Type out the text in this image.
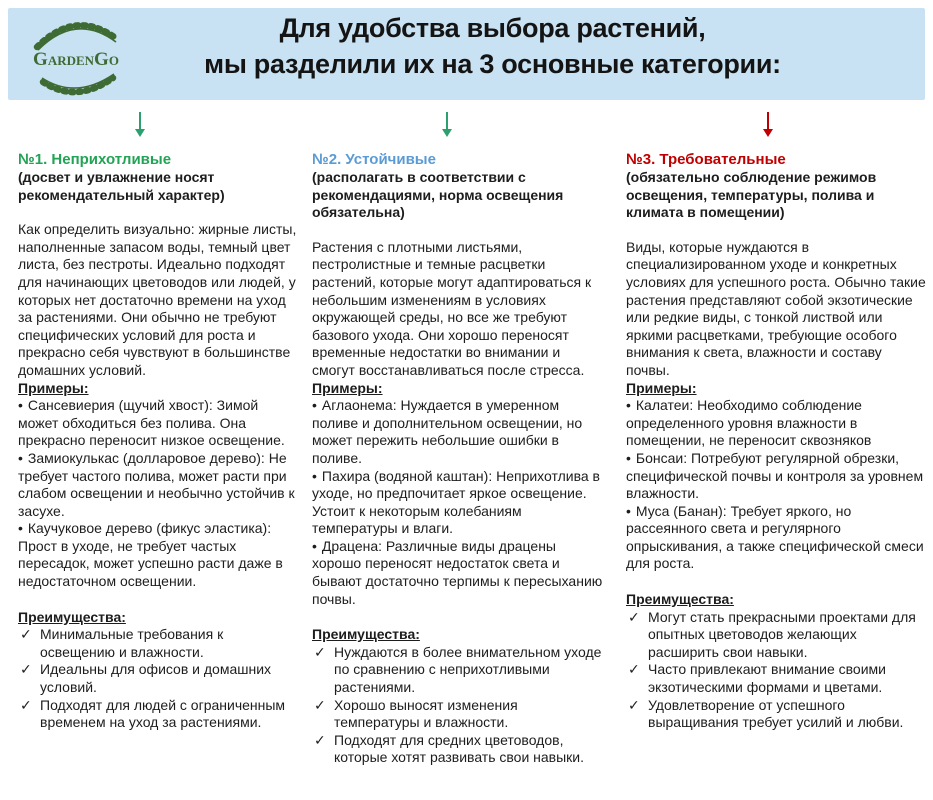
GARDENGO
Для удобства выбора растений,
мы разделили их на 3 основные категории:
№1. Неприхотливые
(досвет и увлажнение носят рекомендательный характер)

Как определить визуально: жирные листы, наполненные запасом воды, темный цвет листа, без пестроты. Идеально подходят для начинающих цветоводов или людей, у которых нет достаточно времени на уход за растениями. Они обычно не требуют специфических условий для роста и прекрасно себя чувствуют в большинстве домашних условий.

Примеры:

• Сансевиерия (щучий хвост): Зимой может обходиться без полива. Она прекрасно переносит низкое освещение.

• Замиокулькас (долларовое дерево): Не требует частого полива, может расти при слабом освещении и необычно устойчив к засухе.

• Каучуковое дерево (фикус эластика): Прост в уходе, не требует частых пересадок, может успешно расти даже в недостаточном освещении.

Преимущества:
✓ Минимальные требования к освещению и влажности.
✓ Идеальны для офисов и домашних условий.
✓ Подходят для людей с ограниченным временем на уход за растениями.
№2. Устойчивые
(располагать в соответствии с рекомендациями, норма освещения обязательна)

Растения с плотными листьями, пестролистные и темные расцветки растений, которые могут адаптироваться к небольшим изменениям в условиях окружающей среды, но все же требуют базового ухода. Они хорошо переносят временные недостатки во внимании и смогут восстанавливаться после стресса.

Примеры:

• Аглаонема: Нуждается в умеренном поливе и дополнительном освещении, но может пережить небольшие ошибки в поливе.

• Пахира (водяной каштан): Неприхотлива в уходе, но предпочитает яркое освещение. Устоит к некоторым колебаниям температуры и влаги.

• Драцена: Различные виды драцены хорошо переносят недостаток света и бывают достаточно терпимы к пересыханию почвы.

Преимущества:
✓ Нуждаются в более внимательном уходе по сравнению с неприхотливыми растениями.
✓ Хорошо выносят изменения температуры и влажности.
✓ Подходят для средних цветоводов, которые хотят развивать свои навыки.
№3. Требовательные
(обязательно соблюдение режимов освещения, температуры, полива и климата в помещении)

Виды, которые нуждаются в специализированном уходе и конкретных условиях для успешного роста. Обычно такие растения представляют собой экзотические или редкие виды, с тонкой листвой или яркими расцветками, требующие особого внимания к света, влажности и составу почвы.

Примеры:

• Калатеи: Необходимо соблюдение определенного уровня влажности в помещении, не переносит сквозняков

• Бонсаи: Потребуют регулярной обрезки, специфической почвы и контроля за уровнем влажности.

• Муса (Банан): Требует яркого, но рассеянного света и регулярного опрыскивания, а также специфической смеси для роста.

Преимущества:
✓ Могут стать прекрасными проектами для опытных цветоводов желающих расширить свои навыки.
✓ Часто привлекают внимание своими экзотическими формами и цветами.
✓ Удовлетворение от успешного выращивания требует усилий и любви.
